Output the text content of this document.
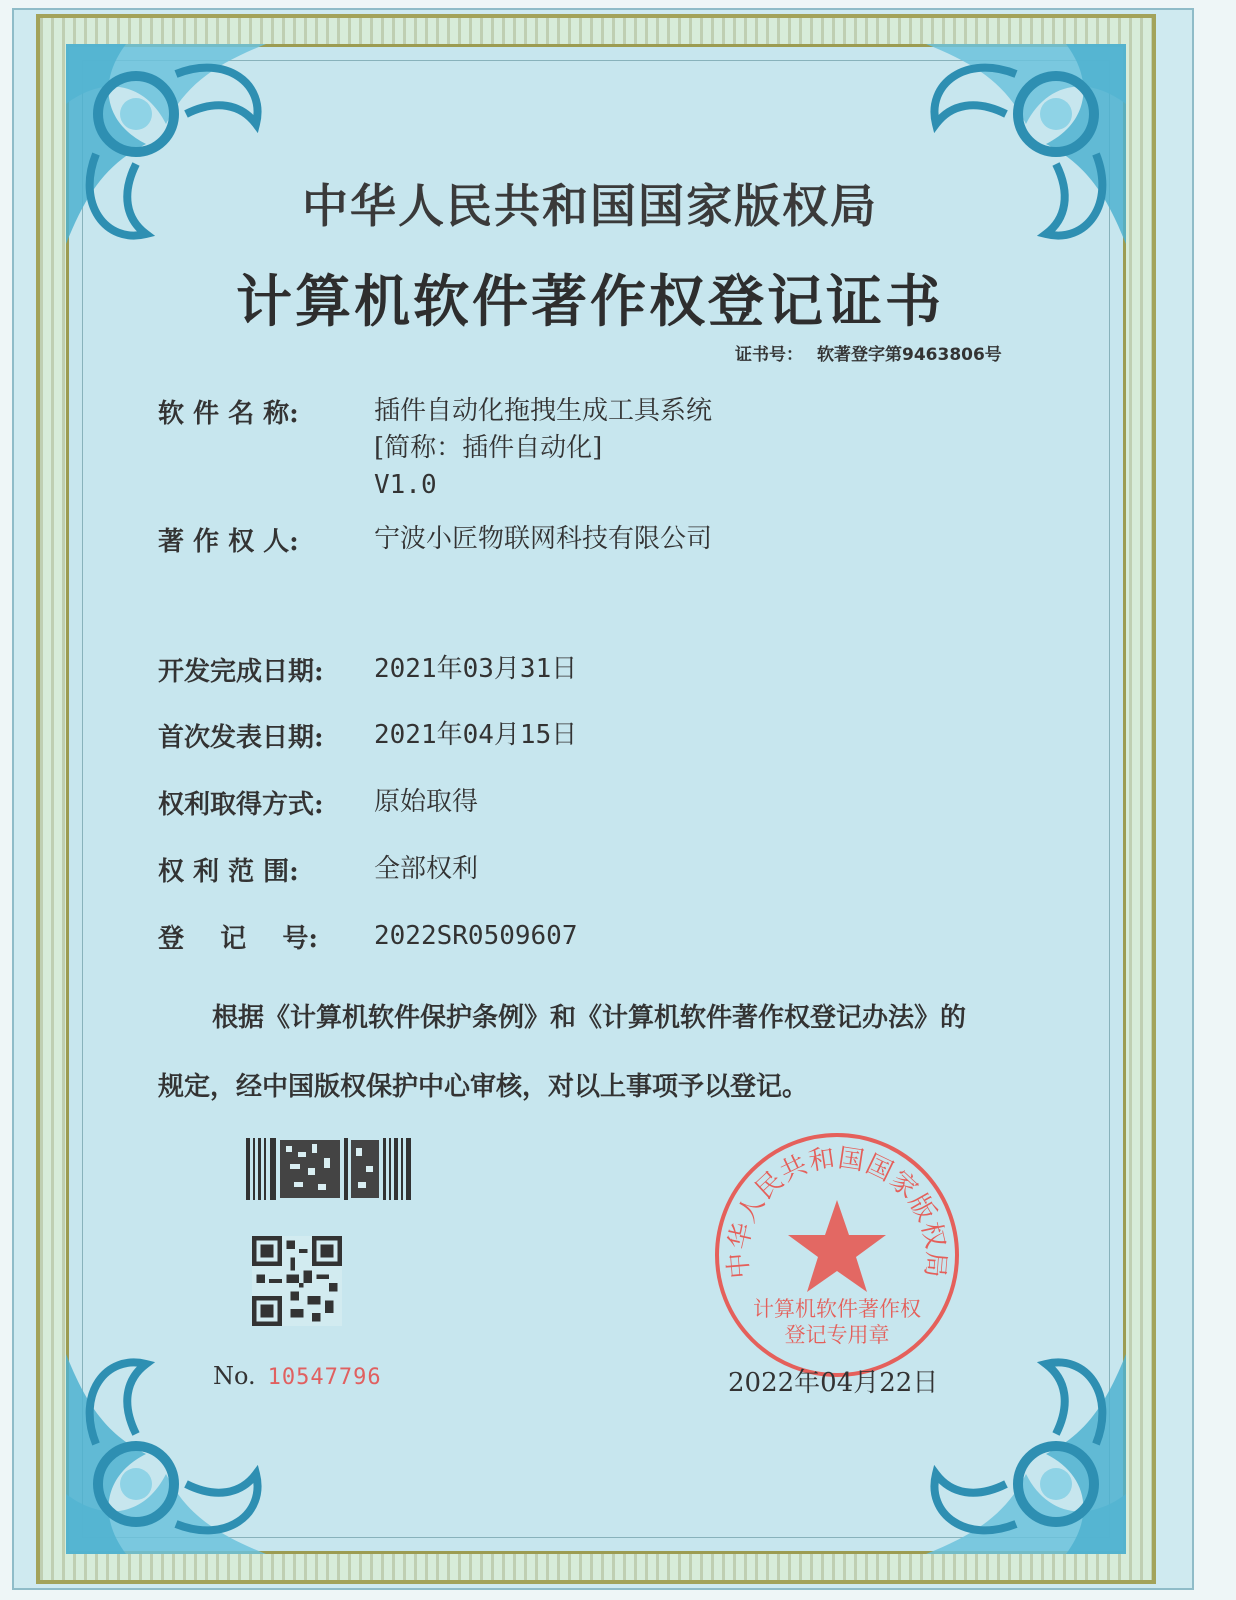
中华人民共和国国家版权局
计算机软件著作权登记证书
证书号： 软著登字第9463806号
软 件 名 称:	插件自动化拖拽生成工具系统
[简称：插件自动化]
V1.0
著 作 权 人:	宁波小匠物联网科技有限公司
开发完成日期:	2021年03月31日
首次发表日期:	2021年04月15日
权利取得方式:	原始取得
权 利 范 围:	全部权利
登    记    号:	2022SR0509607
根据《计算机软件保护条例》和《计算机软件著作权登记办法》的
规定，经中国版权保护中心审核，对以上事项予以登记。
No. 10547796
中华人民共和国国家版权局
计算机软件著作权
登记专用章
2022年04月22日
